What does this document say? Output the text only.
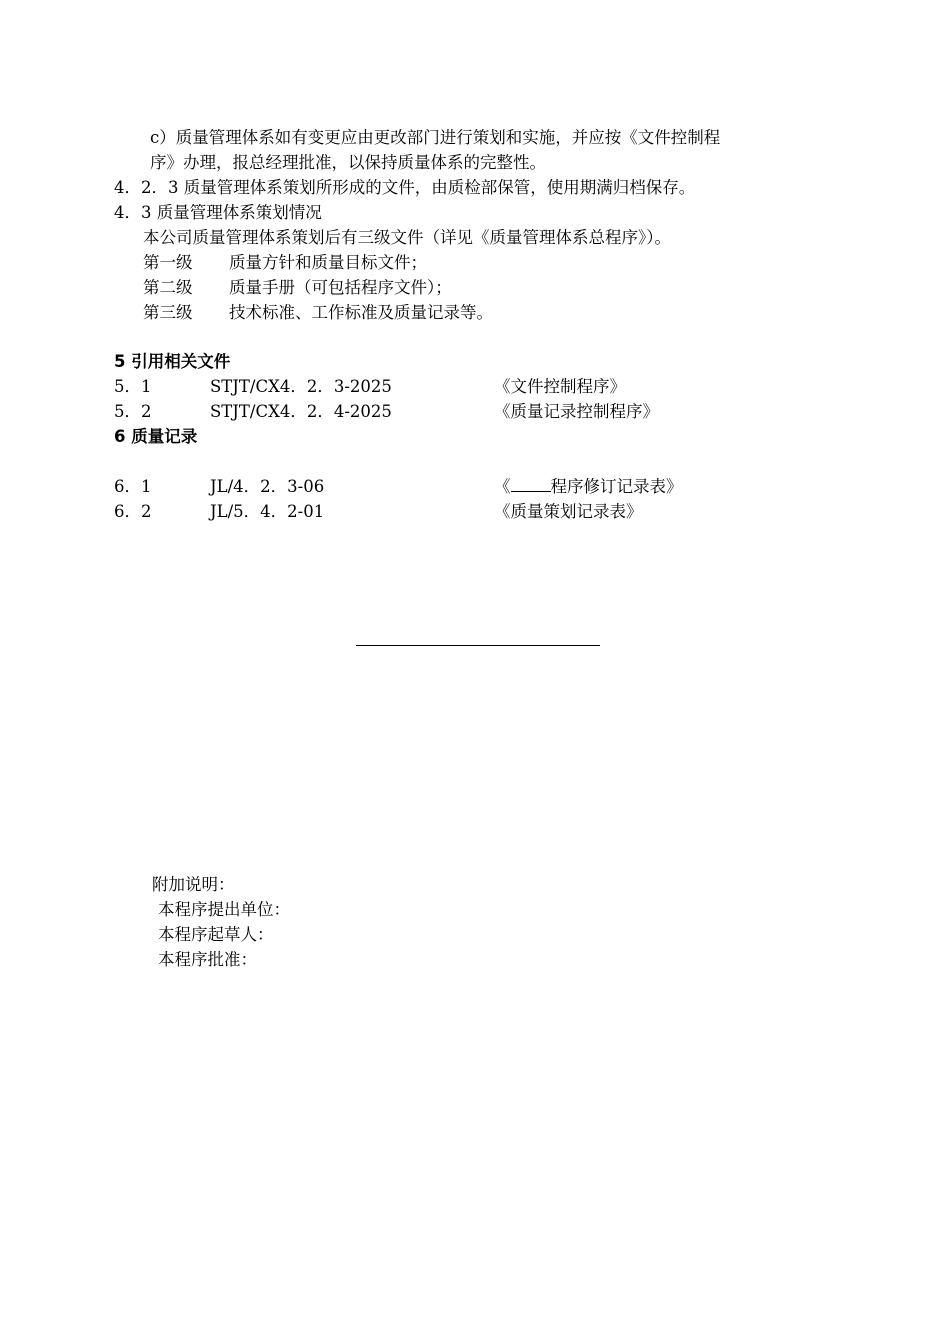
c）质量管理体系如有变更应由更改部门进行策划和实施，并应按《文件控制程
序》办理，报总经理批准，以保持质量体系的完整性。
4．2．3 质量管理体系策划所形成的文件，由质检部保管，使用期满归档保存。
4．3 质量管理体系策划情况
本公司质量管理体系策划后有三级文件（详见《质量管理体系总程序》）。
第一级 质量方针和质量目标文件；
第二级 质量手册（可包括程序文件）；
第三级 技术标准、工作标准及质量记录等。
5 引用相关文件
5．1	STJT/CX4．2．3-2025	《文件控制程序》
5．2	STJT/CX4．2．4-2025	《质量记录控制程序》
6 质量记录
6．1	JL/4．2．3-06	《 程序修订记录表》
6．2	JL/5．4．2-01	《质量策划记录表》
附加说明：
本程序提出单位：
本程序起草人：
本程序批准：
